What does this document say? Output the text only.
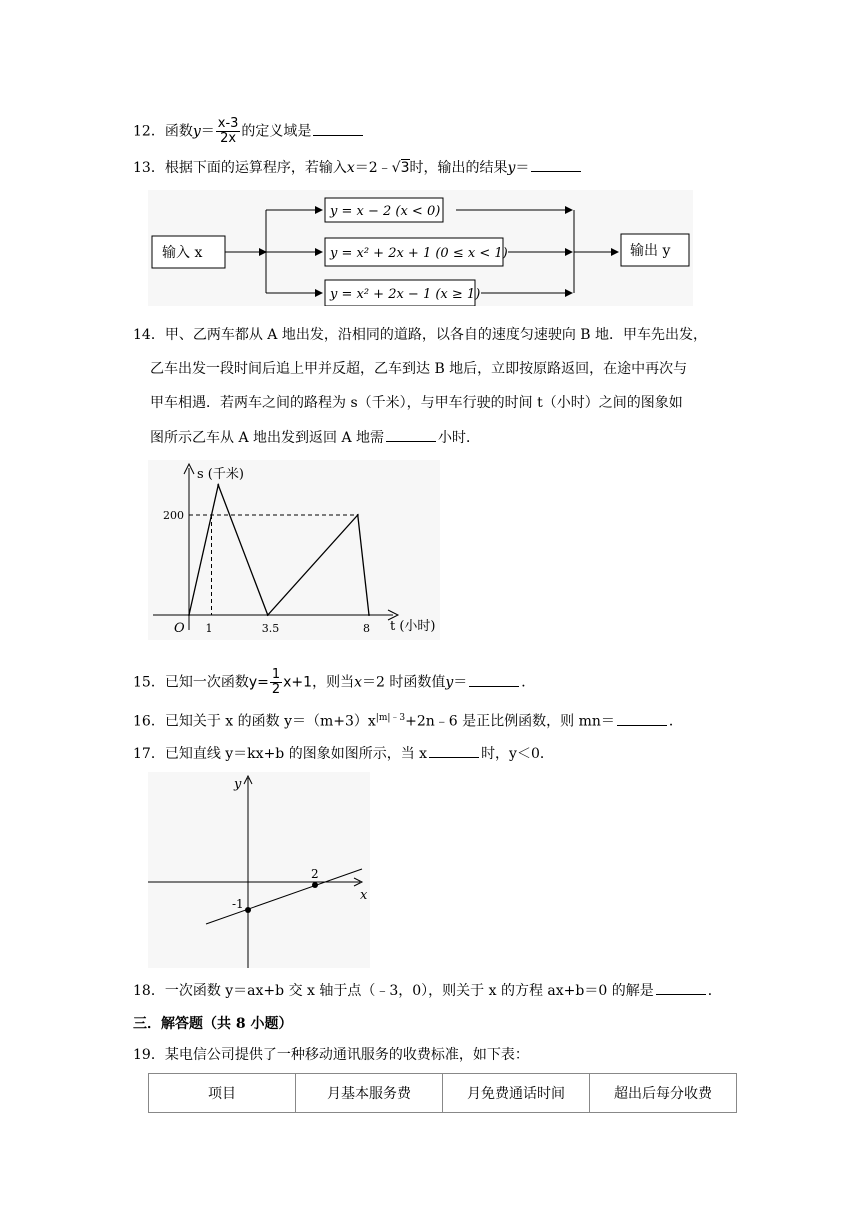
12．函数$y= \frac{x-3}{2x}$ 的定义域是
13．根据下面的运算程序，若输入x＝2﹣√3时，输出的结果y＝
输入 x
y = x − 2 (x < 0)
y = x² + 2x + 1 (0 ≤ x < 1)
y = x² + 2x − 1 (x ≥ 1)
输出 y
14．甲、乙两车都从 A 地出发，沿相同的道路，以各自的速度匀速驶向 B 地．甲车先出发，
乙车出发一段时间后追上甲并反超，乙车到达 B 地后，立即按原路返回，在途中再次与
甲车相遇．若两车之间的路程为 s（千米），与甲车行驶的时间 t（小时）之间的图象如
图所示乙车从 A 地出发到返回 A 地需	小时．
s (千米)
t (小时)
O 1	3.5	8
200
15．已知一次函数$y= \frac{1}{2} x+1$，则当x＝2 时函数值y＝	．
16．已知关于 x 的函数 $y=(m+3)x^{|m|﹣3}+2n﹣6$ 是正比例函数，则 mn＝	．
17．已知直线 y＝kx+b 的图象如图所示，当 x	时，y＜0．
y
x
-1
2
18．一次函数 y＝ax+b 交 x 轴于点（﹣3，0），则关于 x 的方程 ax+b＝0 的解是	．
三．解答题（共 8 小题）
19．某电信公司提供了一种移动通讯服务的收费标准，如下表：
项目	月基本服务费	月免费通话时间	超出后每分收费
